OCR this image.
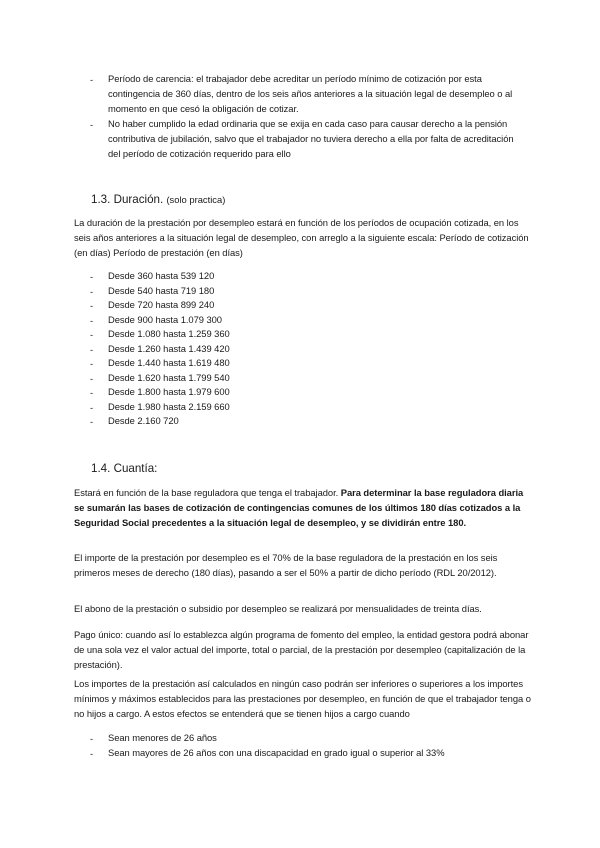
- Período de carencia: el trabajador debe acreditar un período mínimo de cotización por esta contingencia de 360 días, dentro de los seis años anteriores a la situación legal de desempleo o al momento en que cesó la obligación de cotizar.
- No haber cumplido la edad ordinaria que se exija en cada caso para causar derecho a la pensión contributiva de jubilación, salvo que el trabajador no tuviera derecho a ella por falta de acreditación del período de cotización requerido para ello
1.3. Duración. (solo practica)
La duración de la prestación por desempleo estará en función de los períodos de ocupación cotizada, en los seis años anteriores a la situación legal de desempleo, con arreglo a la siguiente escala: Período de cotización (en días) Período de prestación (en días)
- Desde 360 hasta 539 120
- Desde 540 hasta 719 180
- Desde 720 hasta 899 240
- Desde 900 hasta 1.079 300
- Desde 1.080 hasta 1.259 360
- Desde 1.260 hasta 1.439 420
- Desde 1.440 hasta 1.619 480
- Desde 1.620 hasta 1.799 540
- Desde 1.800 hasta 1.979 600
- Desde 1.980 hasta 2.159 660
- Desde 2.160 720
1.4. Cuantía:
Estará en función de la base reguladora que tenga el trabajador. Para determinar la base reguladora diaria se sumarán las bases de cotización de contingencias comunes de los últimos 180 días cotizados a la Seguridad Social precedentes a la situación legal de desempleo, y se dividirán entre 180.
El importe de la prestación por desempleo es el 70% de la base reguladora de la prestación en los seis primeros meses de derecho (180 días), pasando a ser el 50% a partir de dicho período (RDL 20/2012).
El abono de la prestación o subsidio por desempleo se realizará por mensualidades de treinta días.
Pago único: cuando así lo establezca algún programa de fomento del empleo, la entidad gestora podrá abonar de una sola vez el valor actual del importe, total o parcial, de la prestación por desempleo (capitalización de la prestación).
Los importes de la prestación así calculados en ningún caso podrán ser inferiores o superiores a los importes mínimos y máximos establecidos para las prestaciones por desempleo, en función de que el trabajador tenga o no hijos a cargo. A estos efectos se entenderá que se tienen hijos a cargo cuando
- Sean menores de 26 años
- Sean mayores de 26 años con una discapacidad en grado igual o superior al 33%
